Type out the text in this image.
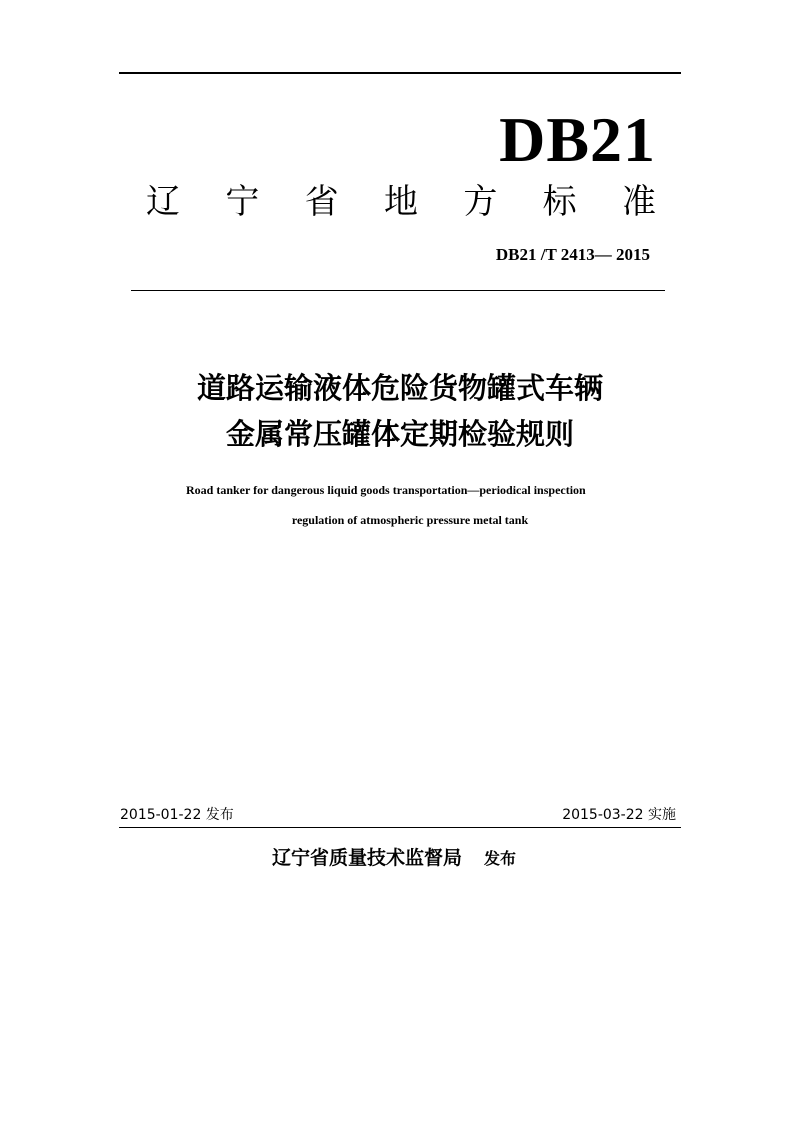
DB21
辽 宁 省 地 方 标 准
DB21 /T 2413— 2015
道路运输液体危险货物罐式车辆
金属常压罐体定期检验规则
Road tanker for dangerous liquid goods transportation—periodical inspection
regulation of atmospheric pressure metal tank
2015-01-22 发布	2015-03-22 实施
辽宁省质量技术监督局 发布
